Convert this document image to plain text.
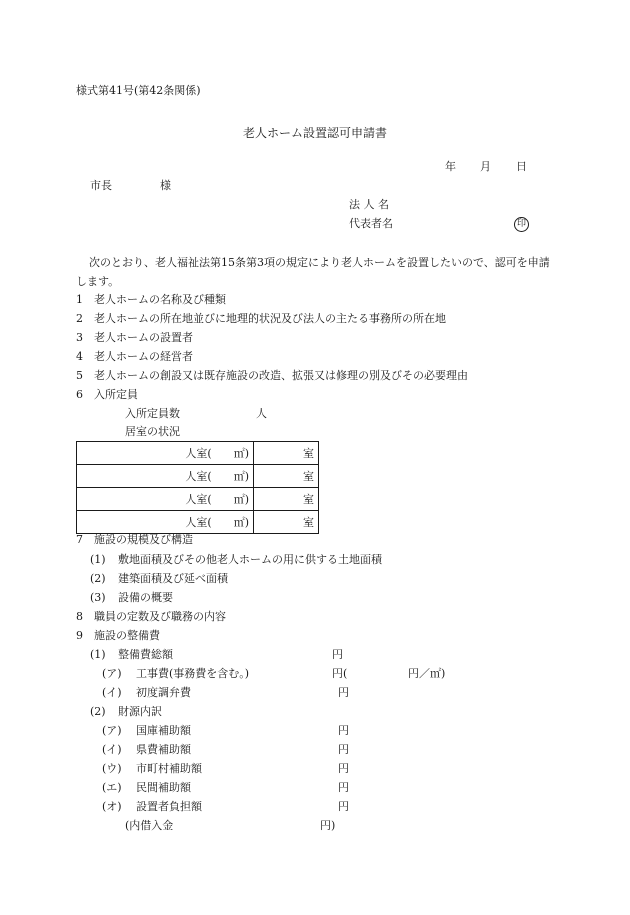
様式第41号(第42条関係)
老人ホーム設置認可申請書
年 月 日
市長	様
法 人 名
代表者名	印
次のとおり、老人福祉法第15条第3項の規定により老人ホームを設置したいので、認可を申請します。
1 老人ホームの名称及び種類
2 老人ホームの所在地並びに地理的状況及び法人の主たる事務所の所在地
3 老人ホームの設置者
4 老人ホームの経営者
5 老人ホームの創設又は既存施設の改造、拡張又は修理の別及びその必要理由
6 入所定員
入所定員数	人
居室の状況
人室(　　㎡)	室
人室(　　㎡)	室
人室(　　㎡)	室
人室(　　㎡)	室
7 施設の規模及び構造
(1) 敷地面積及びその他老人ホームの用に供する土地面積
(2) 建築面積及び延べ面積
(3) 設備の概要
8 職員の定数及び職務の内容
9 施設の整備費
(1) 整備費総額	円
(ア) 工事費(事務費を含む。)	円(	円／㎡)
(イ) 初度調弁費	円
(2) 財源内訳
(ア) 国庫補助額	円
(イ) 県費補助額	円
(ウ) 市町村補助額	円
(エ) 民間補助額	円
(オ) 設置者負担額	円
(内借入金	円)
